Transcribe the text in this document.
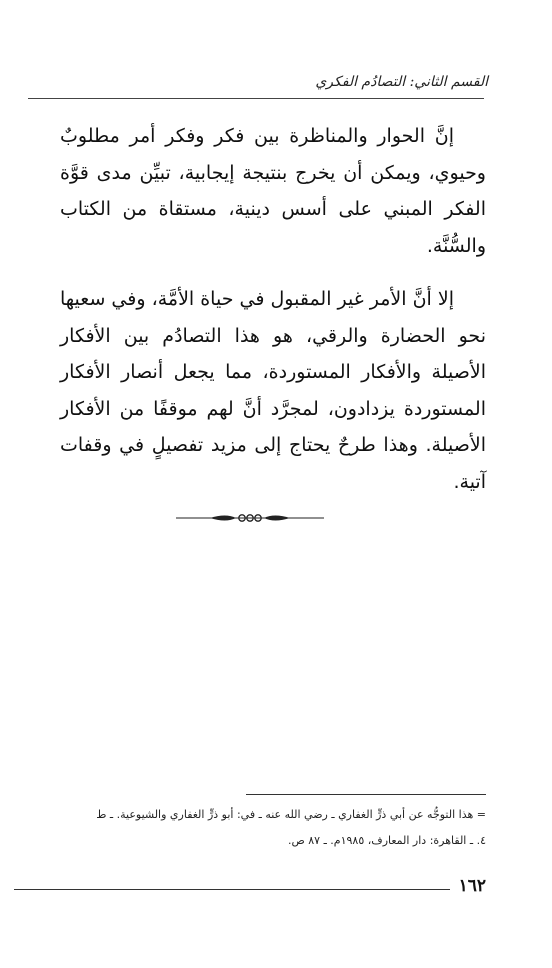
القسم الثاني: التصادُم الفكري

إنَّ الحوار والمناظرة بين فكر وفكر أمر مطلوبٌ وحيوي، ويمكن أن يخرج بنتيجة إيجابية، تبيِّن مدى قوَّة الفكر المبني على أسس دينية، مستقاة من الكتاب والسُّنَّة.

إلا أنَّ الأمر غير المقبول في حياة الأمَّة، وفي سعيها نحو الحضارة والرقي، هو هذا التصادُم بين الأفكار الأصيلة والأفكار المستوردة، مما يجعل أنصار الأفكار المستوردة يزدادون، لمجرَّد أنَّ لهم موقفًا من الأفكار الأصيلة. وهذا طرحٌ يحتاج إلى مزيد تفصيلٍ في وقفات آتية.

= هذا التوجُّه عن أبي ذرٍّ الغفاري ـ رضي الله عنه ـ في: أبو ذرٍّ الغفاري والشيوعية. ـ ط

٤. ـ القاهرة: دار المعارف، ١٩٨٥م. ـ ٨٧ ص.

١٦٢
